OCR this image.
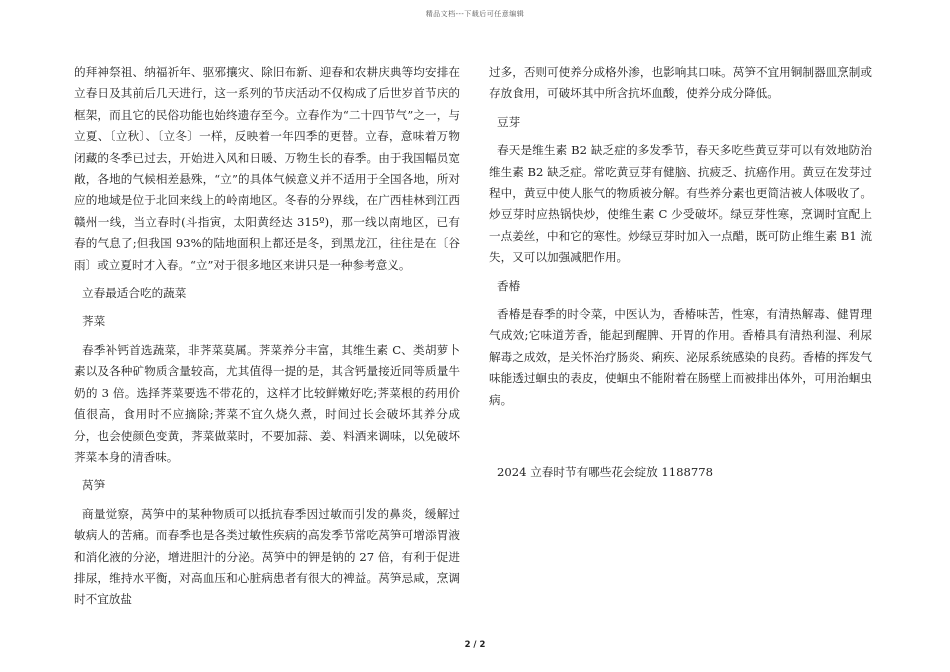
精品文档---下载后可任意编辑

的拜神祭祖、纳福祈年、驱邪攘灾、除旧布新、迎春和农耕庆典等均安排在立春日及其前后几天进行，这一系列的节庆活动不仅构成了后世岁首节庆的框架，而且它的民俗功能也始终遗存至今。立春作为“二十四节气”之一，与立夏、〔立秋〕、〔立冬〕一样，反映着一年四季的更替。立春，意味着万物闭藏的冬季已过去，开始进入风和日暖、万物生长的春季。由于我国幅员宽敞，各地的气候相差悬殊，“立”的具体气候意义并不适用于全国各地，所对应的地域是位于北回来线上的岭南地区。冬春的分界线，在广西桂林到江西赣州一线，当立春时(斗指寅，太阳黄经达 315º)，那一线以南地区，已有春的气息了;但我国 93%的陆地面积上都还是冬，到黑龙江，往往是在〔谷雨〕或立夏时才入春。“立”对于很多地区来讲只是一种参考意义。

立春最适合吃的蔬菜

荠菜

春季补钙首选蔬菜，非荠菜莫属。荠菜养分丰富，其维生素 C、类胡萝卜素以及各种矿物质含量较高，尤其值得一提的是，其含钙量接近同等质量牛奶的 3 倍。选择荠菜要选不带花的，这样才比较鲜嫩好吃;荠菜根的药用价值很高，食用时不应摘除;荠菜不宜久烧久煮，时间过长会破坏其养分成分，也会使颜色变黄，荠菜做菜时，不要加蒜、姜、料酒来调味，以免破坏荠菜本身的清香味。

莴笋

商量觉察，莴笋中的某种物质可以抵抗春季因过敏而引发的鼻炎，缓解过敏病人的苦痛。而春季也是各类过敏性疾病的高发季节常吃莴笋可增添胃液和消化液的分泌，增进胆汁的分泌。莴笋中的钾是钠的 27 倍，有利于促进排尿，维持水平衡，对高血压和心脏病患者有很大的裨益。莴笋忌咸，烹调时不宜放盐

过多，否则可使养分成格外渗，也影响其口味。莴笋不宜用铜制器皿烹制或存放食用，可破坏其中所含抗坏血酸，使养分成分降低。

豆芽

春天是维生素 B2 缺乏症的多发季节，春天多吃些黄豆芽可以有效地防治维生素 B2 缺乏症。常吃黄豆芽有健脑、抗疲乏、抗癌作用。黄豆在发芽过程中，黄豆中使人胀气的物质被分解。有些养分素也更简洁被人体吸收了。炒豆芽时应热锅快炒，使维生素 C 少受破坏。绿豆芽性寒，烹调时宜配上一点姜丝，中和它的寒性。炒绿豆芽时加入一点醋，既可防止维生素 B1 流失，又可以加强减肥作用。

香椿

香椿是春季的时令菜，中医认为，香椿味苦，性寒，有清热解毒、健胃理气成效;它味道芳香，能起到醒脾、开胃的作用。香椿具有清热利湿、利尿解毒之成效，是关怀治疗肠炎、痢疾、泌尿系统感染的良药。香椿的挥发气味能透过蛔虫的表皮，使蛔虫不能附着在肠壁上而被排出体外，可用治蛔虫病。

2024 立春时节有哪些花会绽放 1188778

2 / 2
